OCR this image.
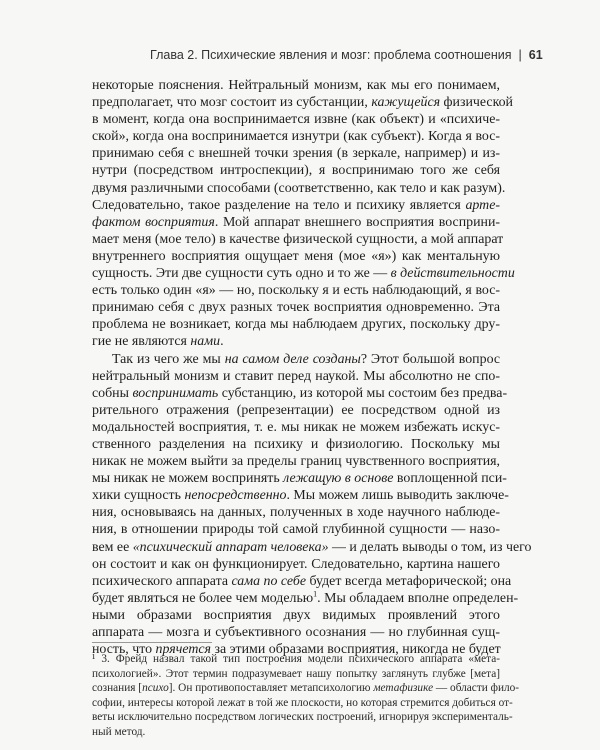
Глава 2. Психические явления и мозг: проблема соотношения | 61
некоторые пояснения. Нейтральный монизм, как мы его понимаем,
предполагает, что мозг состоит из субстанции, кажущейся физической
в момент, когда она воспринимается извне (как объект) и «психиче-
ской», когда она воспринимается изнутри (как субъект). Когда я вос-
принимаю себя с внешней точки зрения (в зеркале, например) и из-
нутри (посредством интроспекции), я воспринимаю того же себя
двумя различными способами (соответственно, как тело и как разум).
Следовательно, такое разделение на тело и психику является арте-
фактом восприятия. Мой аппарат внешнего восприятия восприни-
мает меня (мое тело) в качестве физической сущности, а мой аппарат
внутреннего восприятия ощущает меня (мое «я») как ментальную
сущность. Эти две сущности суть одно и то же — в действительности
есть только один «я» — но, поскольку я и есть наблюдающий, я вос-
принимаю себя с двух разных точек восприятия одновременно. Эта
проблема не возникает, когда мы наблюдаем других, поскольку дру-
гие не являются нами.
Так из чего же мы на самом деле созданы? Этот большой вопрос
нейтральный монизм и ставит перед наукой. Мы абсолютно не спо-
собны воспринимать субстанцию, из которой мы состоим без предва-
рительного отражения (репрезентации) ее посредством одной из
модальностей восприятия, т. е. мы никак не можем избежать искус-
ственного разделения на психику и физиологию. Поскольку мы
никак не можем выйти за пределы границ чувственного восприятия,
мы никак не можем воспринять лежащую в основе воплощенной пси-
хики сущность непосредственно. Мы можем лишь выводить заключе-
ния, основываясь на данных, полученных в ходе научного наблюде-
ния, в отношении природы той самой глубинной сущности — назо-
вем ее «психический аппарат человека» — и делать выводы о том, из чего
он состоит и как он функционирует. Следовательно, картина нашего
психического аппарата сама по себе будет всегда метафорической; она
будет являться не более чем моделью$^1$. Мы обладаем вполне определен-
ными образами восприятия двух видимых проявлений этого
аппарата — мозга и субъективного осознания — но глубинная сущ-
ность, что прячется за этими образами восприятия, никогда не будет
¹ 3. Фрейд назвал такой тип построения модели психического аппарата «мета-
психологией». Этот термин подразумевает нашу попытку заглянуть глубже [мета]
сознания [психо]. Он противопоставляет метапсихологию метафизике — области фило-
софии, интересы которой лежат в той же плоскости, но которая стремится добиться от-
веты исключительно посредством логических построений, игнорируя эксперименталь-
ный метод.
